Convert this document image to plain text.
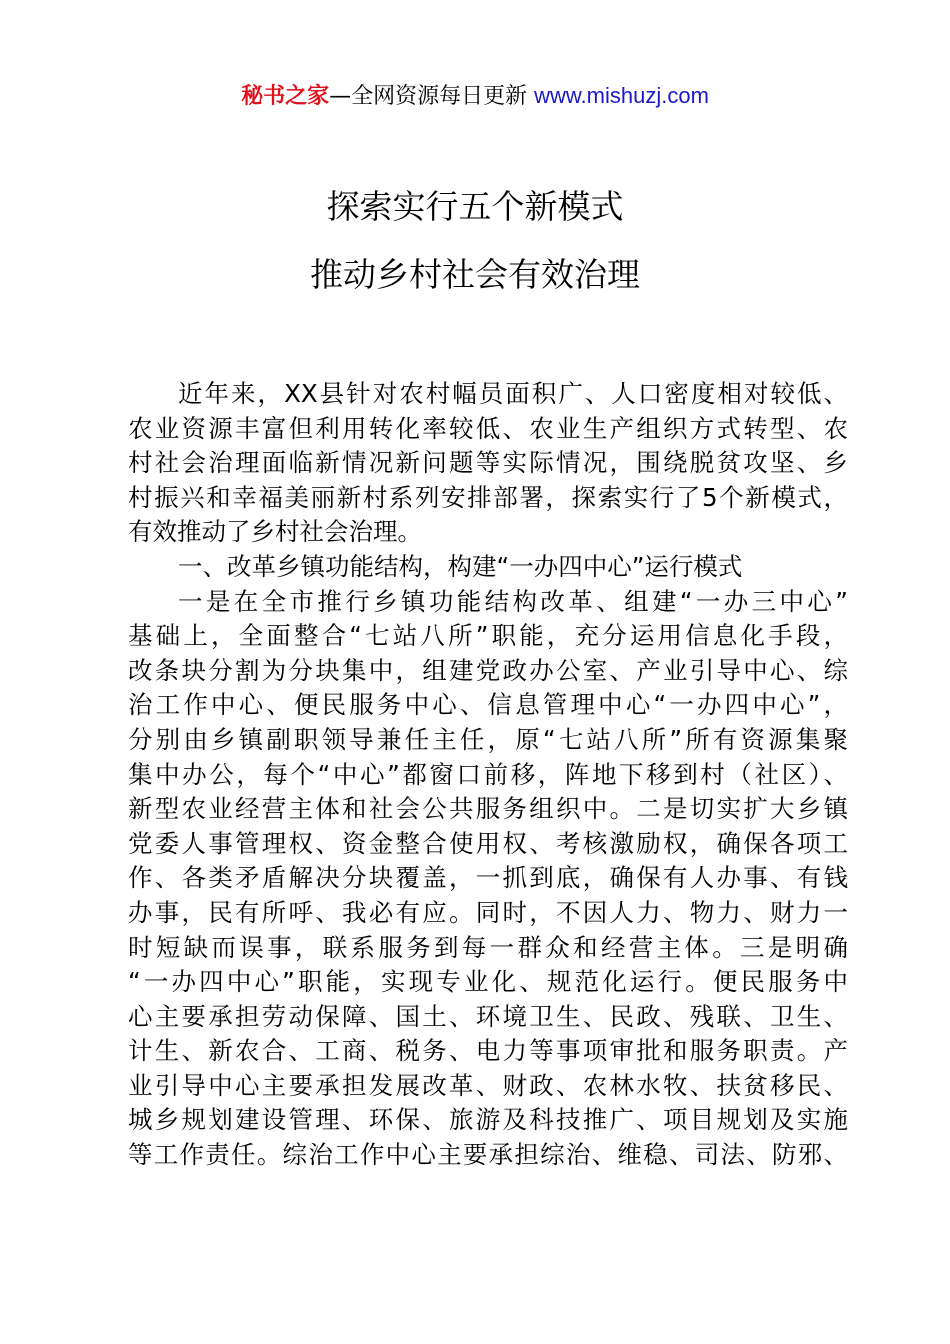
秘书之家—全网资源每日更新 www.mishuzj.com
探索实行五个新模式
推动乡村社会有效治理
近年来，XX县针对农村幅员面积广、人口密度相对较低、
农业资源丰富但利用转化率较低、农业生产组织方式转型、农
村社会治理面临新情况新问题等实际情况，围绕脱贫攻坚、乡
村振兴和幸福美丽新村系列安排部署，探索实行了5个新模式，
有效推动了乡村社会治理。
一、改革乡镇功能结构，构建“一办四中心”运行模式
一是在全市推行乡镇功能结构改革、组建“一办三中心”
基础上，全面整合“七站八所”职能，充分运用信息化手段，
改条块分割为分块集中，组建党政办公室、产业引导中心、综
治工作中心、便民服务中心、信息管理中心“一办四中心”，
分别由乡镇副职领导兼任主任，原“七站八所”所有资源集聚
集中办公，每个“中心”都窗口前移，阵地下移到村（社区）、
新型农业经营主体和社会公共服务组织中。二是切实扩大乡镇
党委人事管理权、资金整合使用权、考核激励权，确保各项工
作、各类矛盾解决分块覆盖，一抓到底，确保有人办事、有钱
办事，民有所呼、我必有应。同时，不因人力、物力、财力一
时短缺而误事，联系服务到每一群众和经营主体。三是明确
“一办四中心”职能，实现专业化、规范化运行。便民服务中
心主要承担劳动保障、国土、环境卫生、民政、残联、卫生、
计生、新农合、工商、税务、电力等事项审批和服务职责。产
业引导中心主要承担发展改革、财政、农林水牧、扶贫移民、
城乡规划建设管理、环保、旅游及科技推广、项目规划及实施
等工作责任。综治工作中心主要承担综治、维稳、司法、防邪、
